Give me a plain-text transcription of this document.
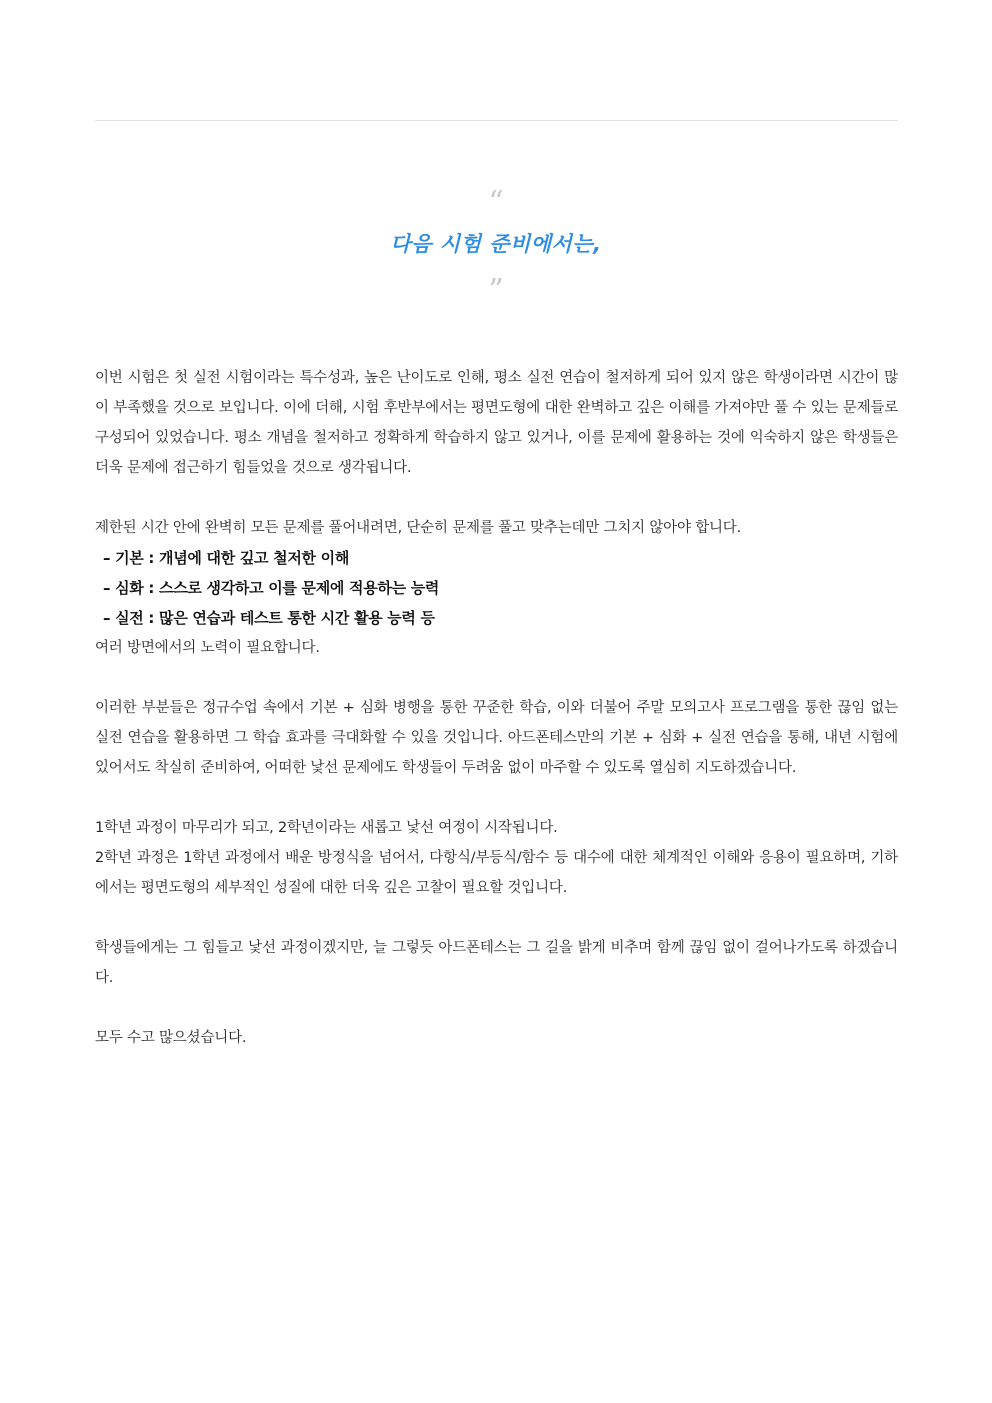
“
다음 시험 준비에서는,
”

이번 시험은 첫 실전 시험이라는 특수성과, 높은 난이도로 인해, 평소 실전 연습이 철저하게 되어 있지 않은 학생이라면 시간이 많이 부족했을 것으로 보입니다. 이에 더해, 시험 후반부에서는 평면도형에 대한 완벽하고 깊은 이해를 가져야만 풀 수 있는 문제들로 구성되어 있었습니다. 평소 개념을 철저하고 정확하게 학습하지 않고 있거나, 이를 문제에 활용하는 것에 익숙하지 않은 학생들은 더욱 문제에 접근하기 힘들었을 것으로 생각됩니다.

제한된 시간 안에 완벽히 모든 문제를 풀어내려면, 단순히 문제를 풀고 맞추는데만 그치지 않아야 합니다.

– 기본 : 개념에 대한 깊고 철저한 이해
– 심화 : 스스로 생각하고 이를 문제에 적용하는 능력
– 실전 : 많은 연습과 테스트 통한 시간 활용 능력 등

여러 방면에서의 노력이 필요합니다.

이러한 부분들은 정규수업 속에서 기본 + 심화 병행을 통한 꾸준한 학습, 이와 더불어 주말 모의고사 프로그램을 통한 끊임 없는 실전 연습을 활용하면 그 학습 효과를 극대화할 수 있을 것입니다. 아드폰테스만의 기본 + 심화 + 실전 연습을 통해, 내년 시험에 있어서도 착실히 준비하여, 어떠한 낯선 문제에도 학생들이 두려움 없이 마주할 수 있도록 열심히 지도하겠습니다.

1학년 과정이 마무리가 되고, 2학년이라는 새롭고 낯선 여정이 시작됩니다.

2학년 과정은 1학년 과정에서 배운 방정식을 넘어서, 다항식/부등식/함수 등 대수에 대한 체계적인 이해와 응용이 필요하며, 기하에서는 평면도형의 세부적인 성질에 대한 더욱 깊은 고찰이 필요할 것입니다.

학생들에게는 그 힘들고 낯선 과정이겠지만, 늘 그렇듯 아드폰테스는 그 길을 밝게 비추며 함께 끊임 없이 걸어나가도록 하겠습니다.

모두 수고 많으셨습니다.
